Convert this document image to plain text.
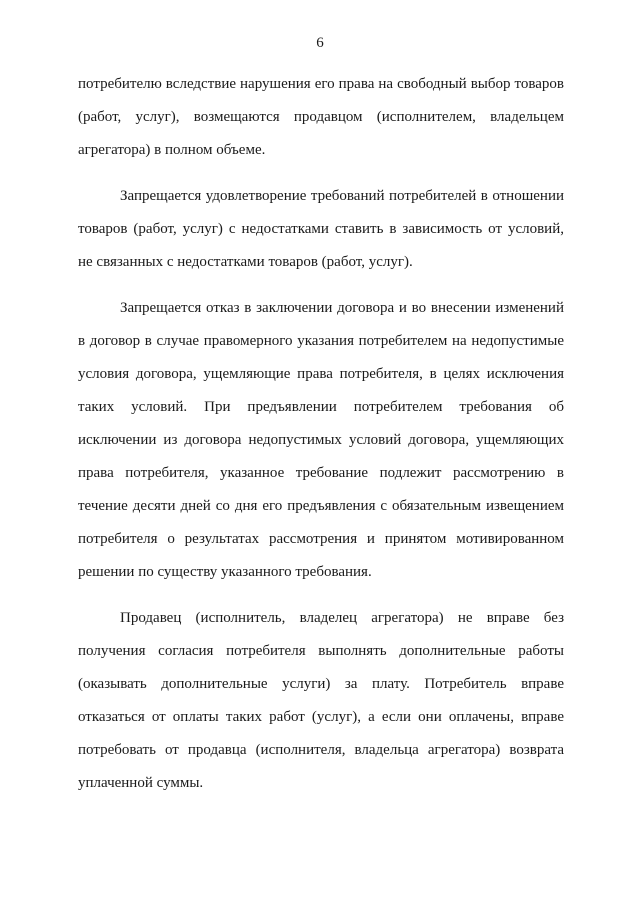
6
потребителю вследствие нарушения его права на свободный выбор товаров
(работ, услуг), возмещаются продавцом (исполнителем, владельцем
агрегатора) в полном объеме.
Запрещается удовлетворение требований потребителей в отношении
товаров (работ, услуг) с недостатками ставить в зависимость от условий,
не связанных с недостатками товаров (работ, услуг).
Запрещается отказ в заключении договора и во внесении изменений
в договор в случае правомерного указания потребителем на недопустимые
условия договора, ущемляющие права потребителя, в целях исключения
таких условий. При предъявлении потребителем требования об
исключении из договора недопустимых условий договора, ущемляющих
права потребителя, указанное требование подлежит рассмотрению в
течение десяти дней со дня его предъявления с обязательным извещением
потребителя о результатах рассмотрения и принятом мотивированном
решении по существу указанного требования.
Продавец (исполнитель, владелец агрегатора) не вправе без
получения согласия потребителя выполнять дополнительные работы
(оказывать дополнительные услуги) за плату. Потребитель вправе
отказаться от оплаты таких работ (услуг), а если они оплачены, вправе
потребовать от продавца (исполнителя, владельца агрегатора) возврата
уплаченной суммы.
